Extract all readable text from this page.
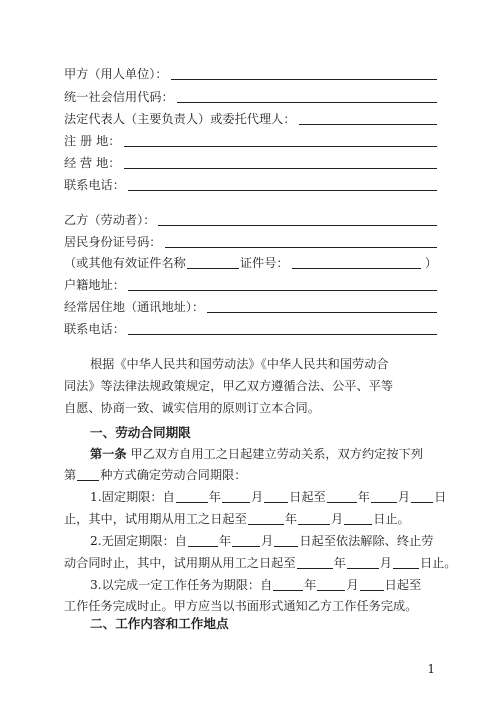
甲方（用人单位）：
统一社会信用代码：
法定代表人（主要负责人）或委托代理人：
注 册 地：
经 营 地：
联系电话：
乙方（劳动者）：
居民身份证号码：
（或其他有效证件名称	证件号：	）
户籍地址：
经常居住地（通讯地址）：
联系电话：
根据《中华人民共和国劳动法》《中华人民共和国劳动合
同法》等法律法规政策规定，甲乙双方遵循合法、公平、平等
自愿、协商一致、诚实信用的原则订立本合同。
一、劳动合同期限
第一条 甲乙双方自用工之日起建立劳动关系，双方约定按下列
第 种方式确定劳动合同期限：
1.固定期限：自	年 月 日起至	年 月 日
止，其中，试用期从用工之日起至	年	月 日止。
2.无固定期限：自	年 月 日起至依法解除、终止劳
动合同时止，其中，试用期从用工之日起至	年	月 日止。
3.以完成一定工作任务为期限：自	年 月 日起至
工作任务完成时止。甲方应当以书面形式通知乙方工作任务完成。
二、工作内容和工作地点
1
